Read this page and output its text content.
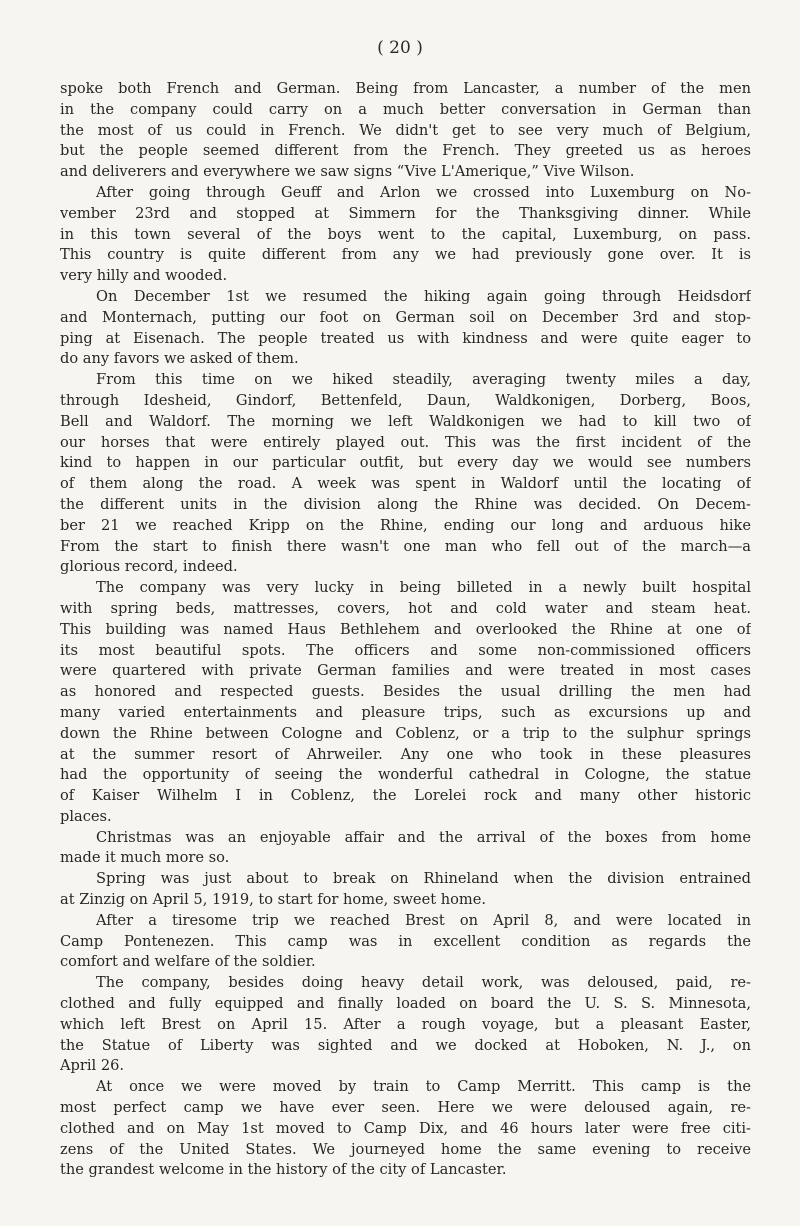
( 20 )
spoke both French and German. Being from Lancaster, a number of the men
in the company could carry on a much better conversation in German than
the most of us could in French. We didn't get to see very much of Belgium,
but the people seemed different from the French. They greeted us as heroes
and deliverers and everywhere we saw signs “Vive L'Amerique,” Vive Wilson.
After going through Geuff and Arlon we crossed into Luxemburg on No-
vember 23rd and stopped at Simmern for the Thanksgiving dinner. While
in this town several of the boys went to the capital, Luxemburg, on pass.
This country is quite different from any we had previously gone over. It is
very hilly and wooded.
On December 1st we resumed the hiking again going through Heidsdorf
and Monternach, putting our foot on German soil on December 3rd and stop-
ping at Eisenach. The people treated us with kindness and were quite eager to
do any favors we asked of them.
From this time on we hiked steadily, averaging twenty miles a day,
through Idesheid, Gindorf, Bettenfeld, Daun, Waldkonigen, Dorberg, Boos,
Bell and Waldorf. The morning we left Waldkonigen we had to kill two of
our horses that were entirely played out. This was the first incident of the
kind to happen in our particular outfit, but every day we would see numbers
of them along the road. A week was spent in Waldorf until the locating of
the different units in the division along the Rhine was decided. On Decem-
ber 21 we reached Kripp on the Rhine, ending our long and arduous hike
From the start to finish there wasn't one man who fell out of the march—a
glorious record, indeed.
The company was very lucky in being billeted in a newly built hospital
with spring beds, mattresses, covers, hot and cold water and steam heat.
This building was named Haus Bethlehem and overlooked the Rhine at one of
its most beautiful spots. The officers and some non-commissioned officers
were quartered with private German families and were treated in most cases
as honored and respected guests. Besides the usual drilling the men had
many varied entertainments and pleasure trips, such as excursions up and
down the Rhine between Cologne and Coblenz, or a trip to the sulphur springs
at the summer resort of Ahrweiler. Any one who took in these pleasures
had the opportunity of seeing the wonderful cathedral in Cologne, the statue
of Kaiser Wilhelm I in Coblenz, the Lorelei rock and many other historic
places.
Christmas was an enjoyable affair and the arrival of the boxes from home
made it much more so.
Spring was just about to break on Rhineland when the division entrained
at Zinzig on April 5, 1919, to start for home, sweet home.
After a tiresome trip we reached Brest on April 8, and were located in
Camp Pontenezen. This camp was in excellent condition as regards the
comfort and welfare of the soldier.
The company, besides doing heavy detail work, was deloused, paid, re-
clothed and fully equipped and finally loaded on board the U. S. S. Minnesota,
which left Brest on April 15. After a rough voyage, but a pleasant Easter,
the Statue of Liberty was sighted and we docked at Hoboken, N. J., on
April 26.
At once we were moved by train to Camp Merritt. This camp is the
most perfect camp we have ever seen. Here we were deloused again, re-
clothed and on May 1st moved to Camp Dix, and 46 hours later were free citi-
zens of the United States. We journeyed home the same evening to receive
the grandest welcome in the history of the city of Lancaster.
